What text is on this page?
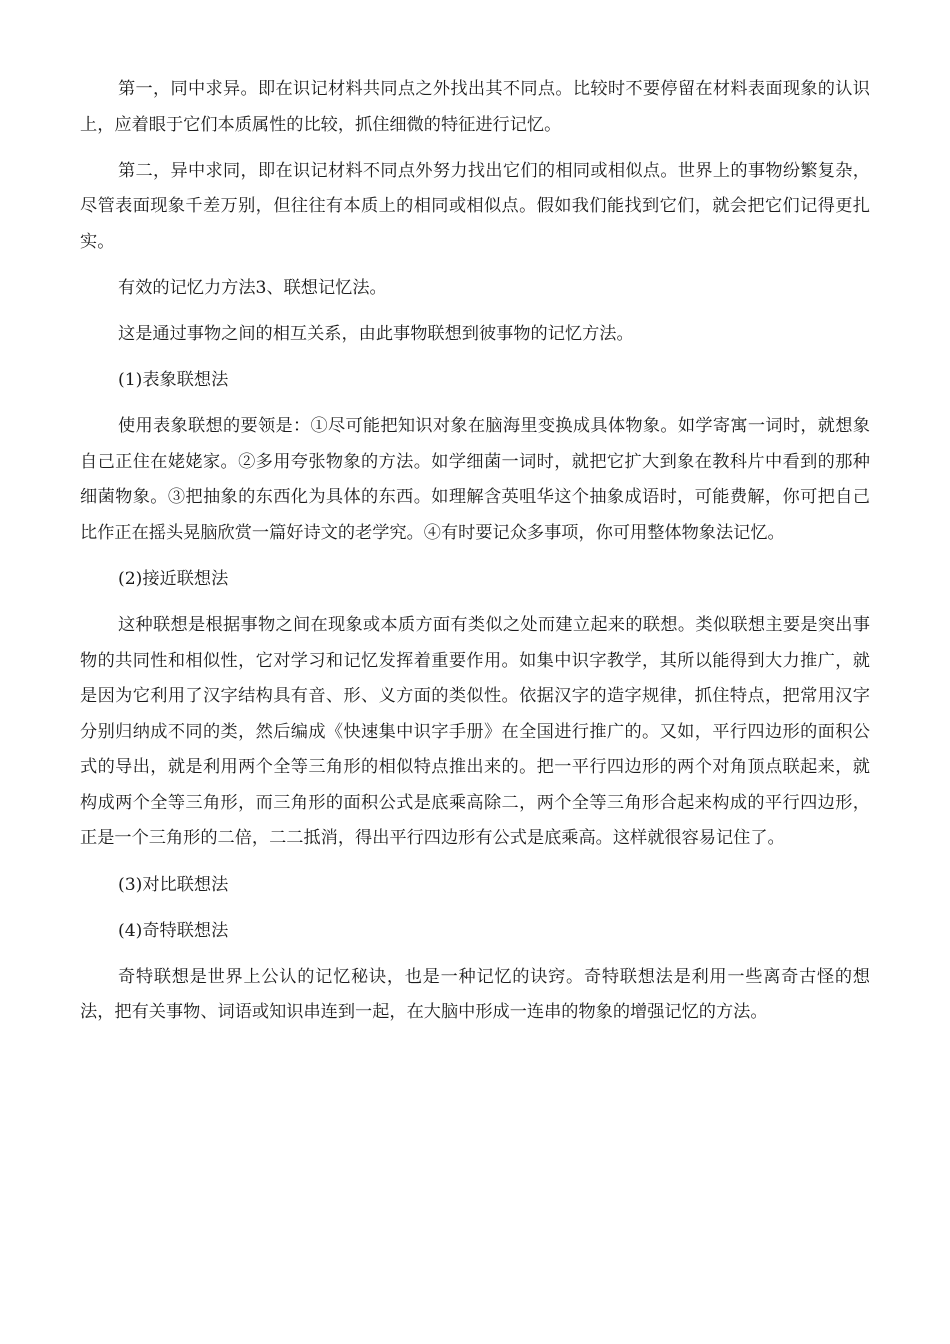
第一，同中求异。即在识记材料共同点之外找出其不同点。比较时不要停留在材料表面现象的认识上，应着眼于它们本质属性的比较，抓住细微的特征进行记忆。

第二，异中求同，即在识记材料不同点外努力找出它们的相同或相似点。世界上的事物纷繁复杂，尽管表面现象千差万别，但往往有本质上的相同或相似点。假如我们能找到它们，就会把它们记得更扎实。

有效的记忆力方法3、联想记忆法。

这是通过事物之间的相互关系，由此事物联想到彼事物的记忆方法。

(1)表象联想法

使用表象联想的要领是：①尽可能把知识对象在脑海里变换成具体物象。如学寄寓一词时，就想象自己正住在姥姥家。②多用夸张物象的方法。如学细菌一词时，就把它扩大到象在教科片中看到的那种细菌物象。③把抽象的东西化为具体的东西。如理解含英咀华这个抽象成语时，可能费解，你可把自己比作正在摇头晃脑欣赏一篇好诗文的老学究。④有时要记众多事项，你可用整体物象法记忆。

(2)接近联想法

这种联想是根据事物之间在现象或本质方面有类似之处而建立起来的联想。类似联想主要是突出事物的共同性和相似性，它对学习和记忆发挥着重要作用。如集中识字教学，其所以能得到大力推广，就是因为它利用了汉字结构具有音、形、义方面的类似性。依据汉字的造字规律，抓住特点，把常用汉字分别归纳成不同的类，然后编成《快速集中识字手册》在全国进行推广的。又如，平行四边形的面积公式的导出，就是利用两个全等三角形的相似特点推出来的。把一平行四边形的两个对角顶点联起来，就构成两个全等三角形，而三角形的面积公式是底乘高除二，两个全等三角形合起来构成的平行四边形，正是一个三角形的二倍，二二抵消，得出平行四边形有公式是底乘高。这样就很容易记住了。

(3)对比联想法

(4)奇特联想法

奇特联想是世界上公认的记忆秘诀，也是一种记忆的诀窍。奇特联想法是利用一些离奇古怪的想法，把有关事物、词语或知识串连到一起，在大脑中形成一连串的物象的增强记忆的方法。
